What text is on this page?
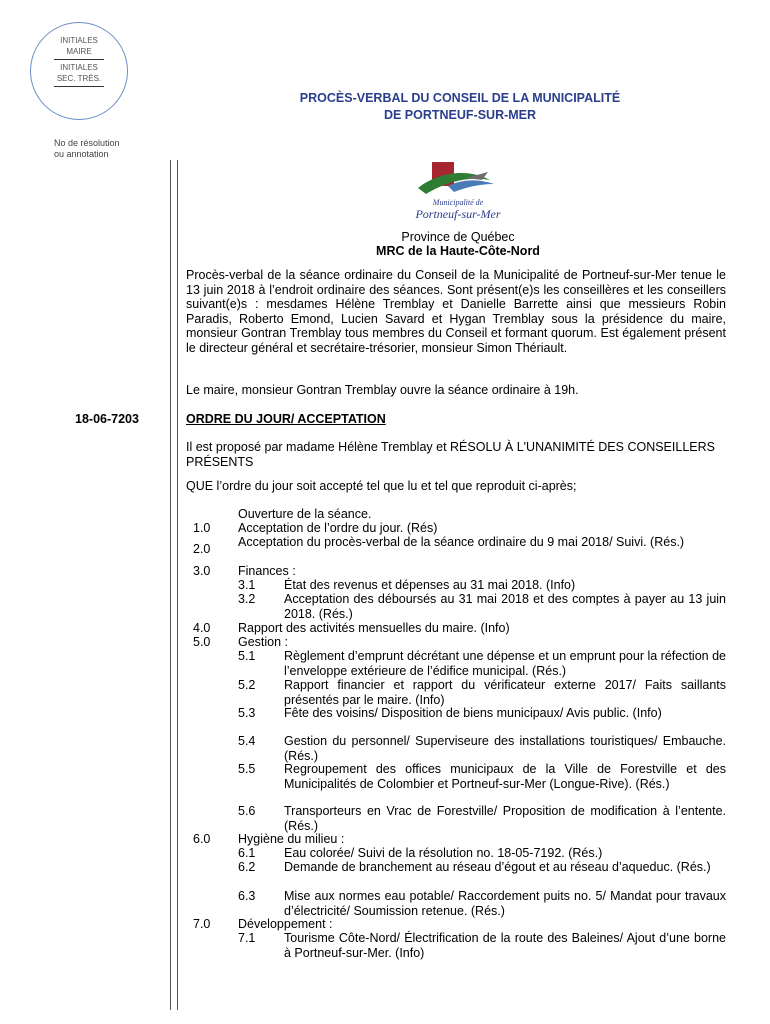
INITIALES
MAIRE
INITIALES
SEC. TRÉS.
PROCÈS-VERBAL DU CONSEIL DE LA MUNICIPALITÉ
DE PORTNEUF-SUR-MER
No de résolution
ou annotation
Municipalité de
Portneuf-sur-Mer
Province de Québec
MRC de la Haute-Côte-Nord
Procès-verbal de la séance ordinaire du Conseil de la Municipalité de Portneuf-sur-Mer tenue le 13 juin 2018 à l’endroit ordinaire des séances. Sont présent(e)s les conseillères et les conseillers suivant(e)s : mesdames Hélène Tremblay et Danielle Barrette ainsi que messieurs Robin Paradis, Roberto Emond, Lucien Savard et Hygan Tremblay sous la présidence du maire, monsieur Gontran Tremblay tous membres du Conseil et formant quorum. Est également présent le directeur général et secrétaire-trésorier, monsieur Simon Thériault.
Le maire, monsieur Gontran Tremblay ouvre la séance ordinaire à 19h.
18-06-7203	ORDRE DU JOUR/ ACCEPTATION
Il est proposé par madame Hélène Tremblay et RÉSOLU À L'UNANIMITÉ DES CONSEILLERS PRÉSENTS
QUE l’ordre du jour soit accepté tel que lu et tel que reproduit ci-après;
Ouverture de la séance.
1.0 Acceptation de l’ordre du jour. (Rés)
2.0 Acceptation du procès-verbal de la séance ordinaire du 9 mai 2018/ Suivi. (Rés.)
3.0 Finances :
3.1 État des revenus et dépenses au 31 mai 2018. (Info)
3.2 Acceptation des déboursés au 31 mai 2018 et des comptes à payer au 13 juin 2018. (Rés.)
4.0 Rapport des activités mensuelles du maire. (Info)
5.0 Gestion :
5.1 Règlement d’emprunt décrétant une dépense et un emprunt pour la réfection de l’enveloppe extérieure de l’édifice municipal. (Rés.)
5.2 Rapport financier et rapport du vérificateur externe 2017/ Faits saillants présentés par le maire. (Info)
5.3 Fête des voisins/ Disposition de biens municipaux/ Avis public. (Info)
5.4 Gestion du personnel/ Superviseure des installations touristiques/ Embauche. (Rés.)
5.5 Regroupement des offices municipaux de la Ville de Forestville et des Municipalités de Colombier et Portneuf-sur-Mer (Longue-Rive). (Rés.)
5.6 Transporteurs en Vrac de Forestville/ Proposition de modification à l’entente. (Rés.)
6.0 Hygiène du milieu :
6.1 Eau colorée/ Suivi de la résolution no. 18-05-7192. (Rés.)
6.2 Demande de branchement au réseau d’égout et au réseau d’aqueduc. (Rés.)
6.3 Mise aux normes eau potable/ Raccordement puits no. 5/ Mandat pour travaux d’électricité/ Soumission retenue. (Rés.)
7.0 Développement :
7.1 Tourisme Côte-Nord/ Électrification de la route des Baleines/ Ajout d’une borne à Portneuf-sur-Mer. (Info)
